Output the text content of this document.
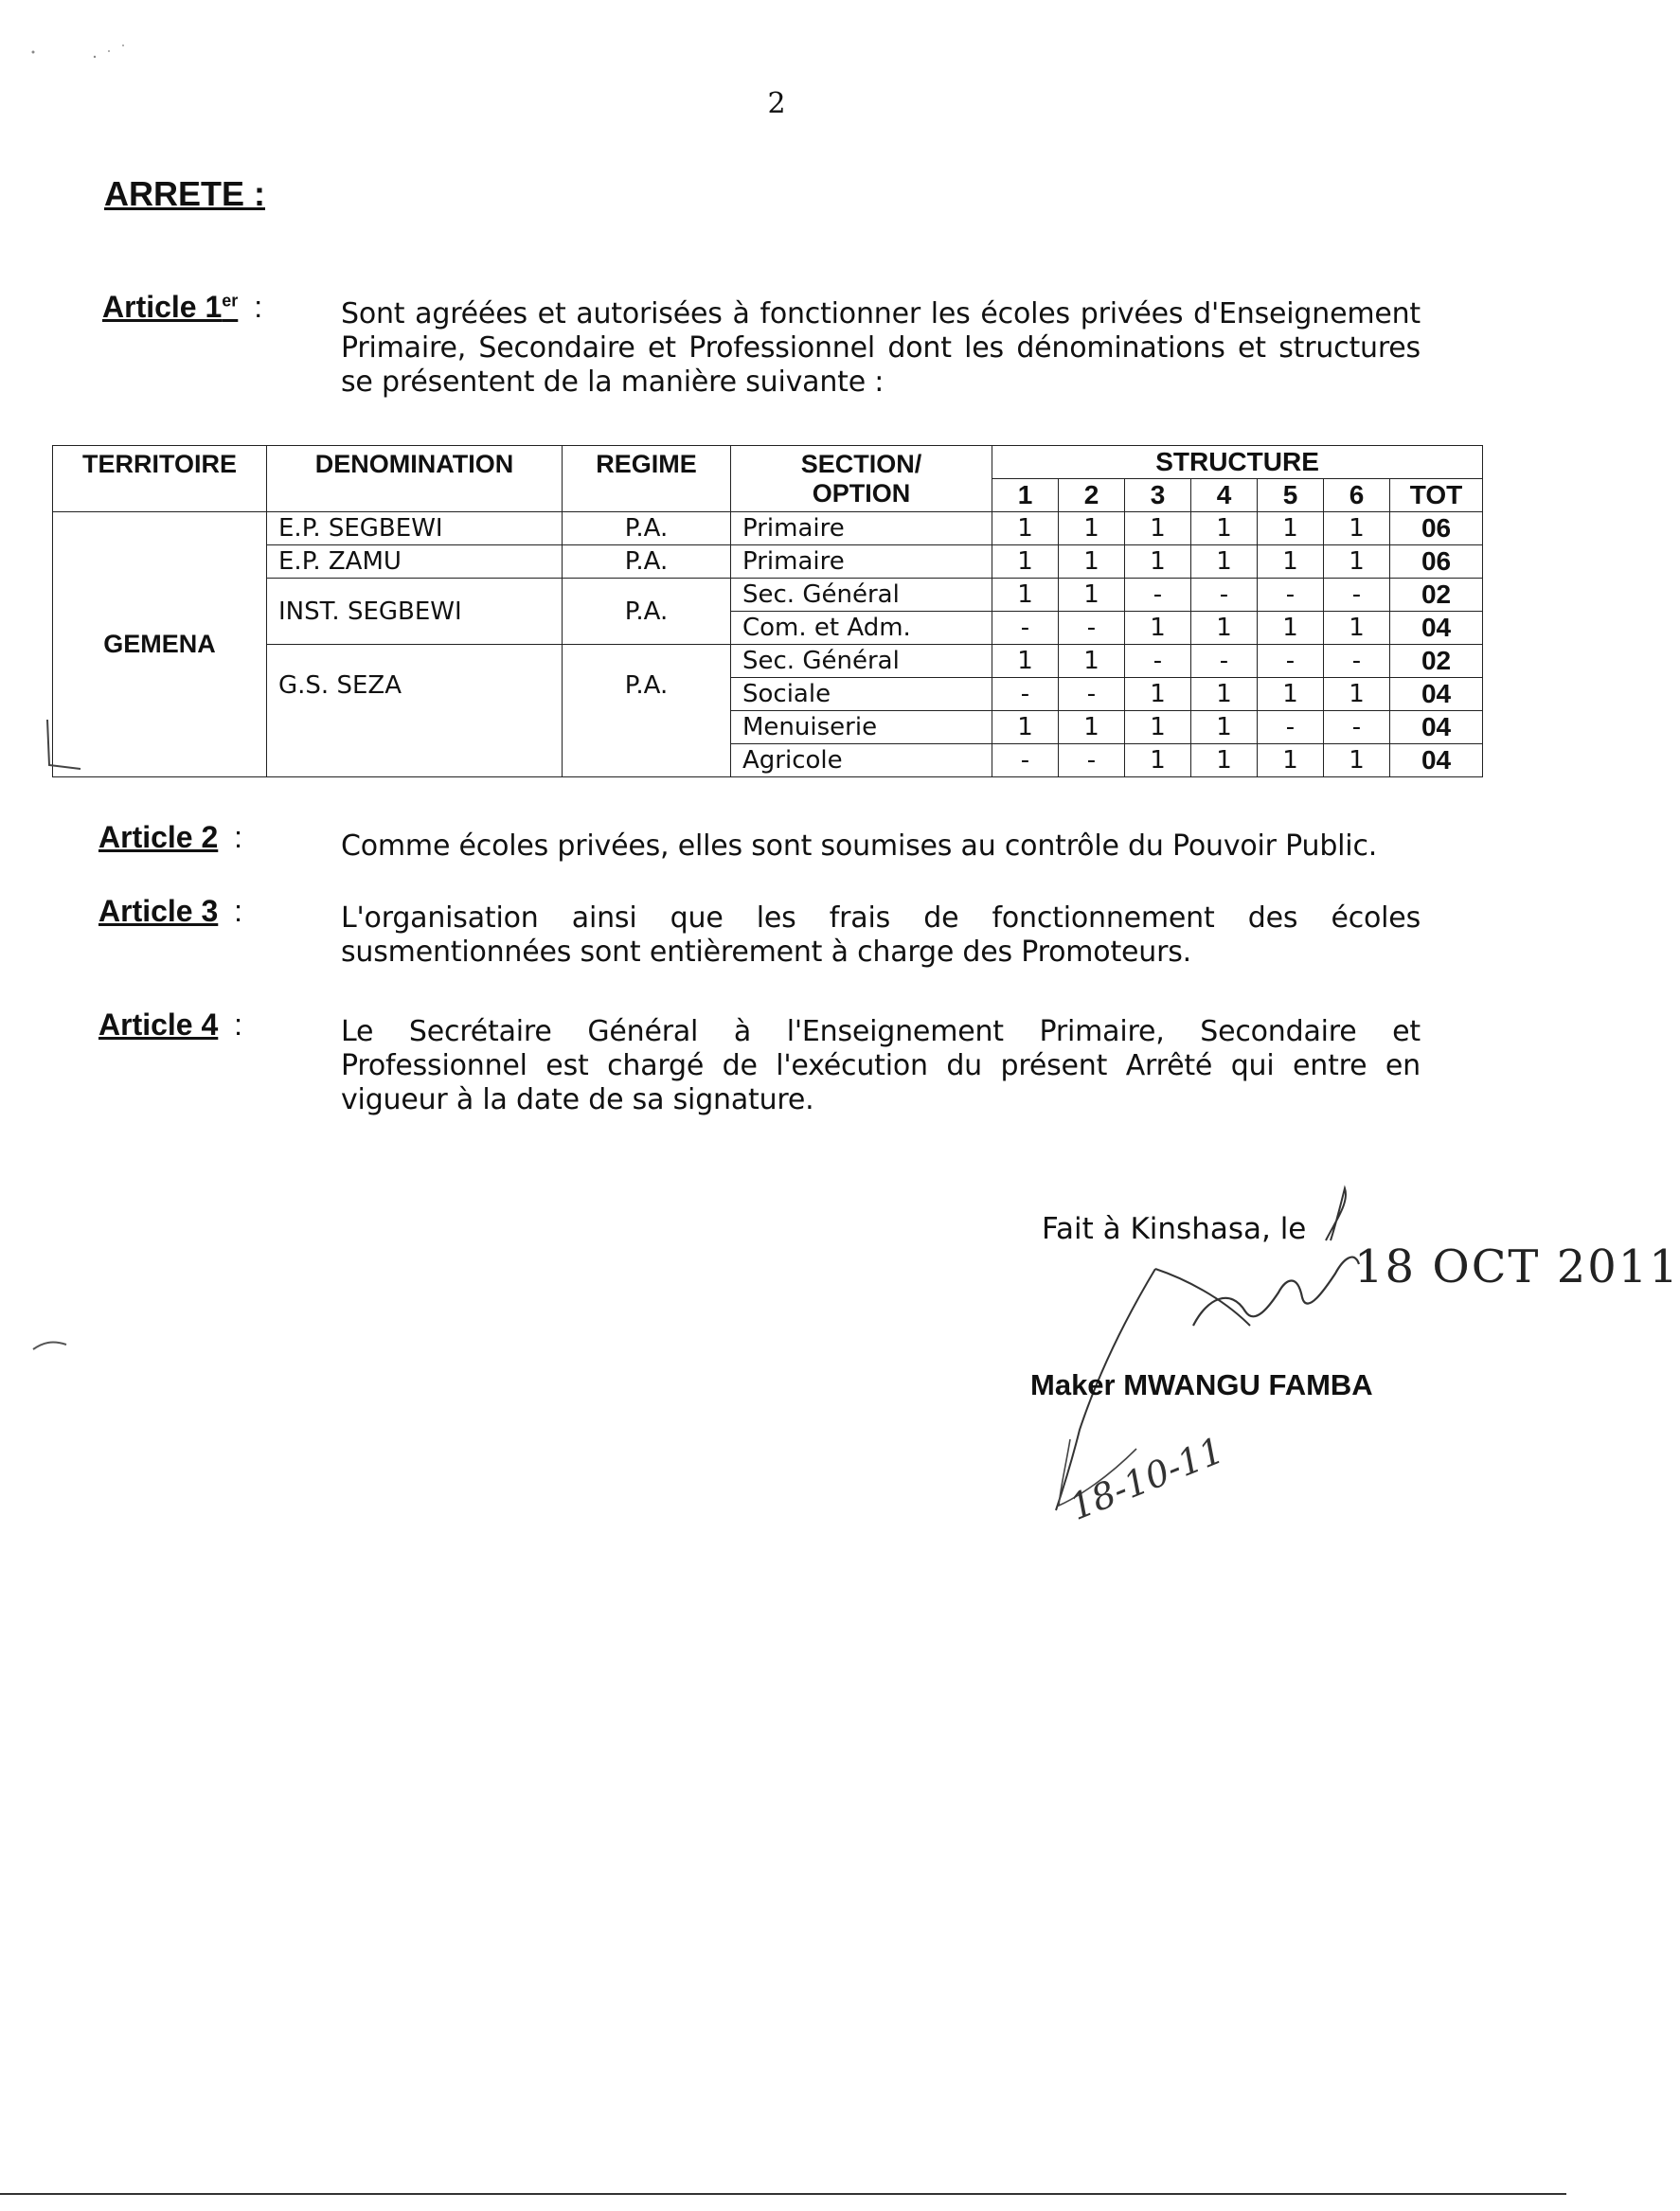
2
ARRETE :
Article 1er :	Sont agréées et autorisées à fonctionner les écoles privées d'Enseignement Primaire, Secondaire et Professionnel dont les dénominations et structures se présentent de la manière suivante :
TERRITOIRE	DENOMINATION	REGIME	SECTION/
OPTION	STRUCTURE						
				1	2	3	4	5	6	TOT
GEMENA	E.P. SEGBEWI	P.A.	Primaire	1	1	1	1	1	1	06
	E.P. ZAMU	P.A.	Primaire	1	1	1	1	1	1	06
	INST. SEGBEWI	P.A.	Sec. Général	1	1	-	-	-	-	02
			Com. et Adm.	-	-	1	1	1	1	04
	G.S. SEZA	P.A.	Sec. Général	1	1	-	-	-	-	02
			Sociale	-	-	1	1	1	1	04
			Menuiserie	1	1	1	1	-	-	04
			Agricole	-	-	1	1	1	1	04
Article 2 :	Comme écoles privées, elles sont soumises au contrôle du Pouvoir Public.
Article 3 :	L'organisation ainsi que les frais de fonctionnement des écoles susmentionnées sont entièrement à charge des Promoteurs.
Article 4 :	Le Secrétaire Général à l'Enseignement Primaire, Secondaire et Professionnel est chargé de l'exécution du présent Arrêté qui entre en vigueur à la date de sa signature.
Fait à Kinshasa, le
18 OCT 2011
Maker MWANGU FAMBA
18-10-11
